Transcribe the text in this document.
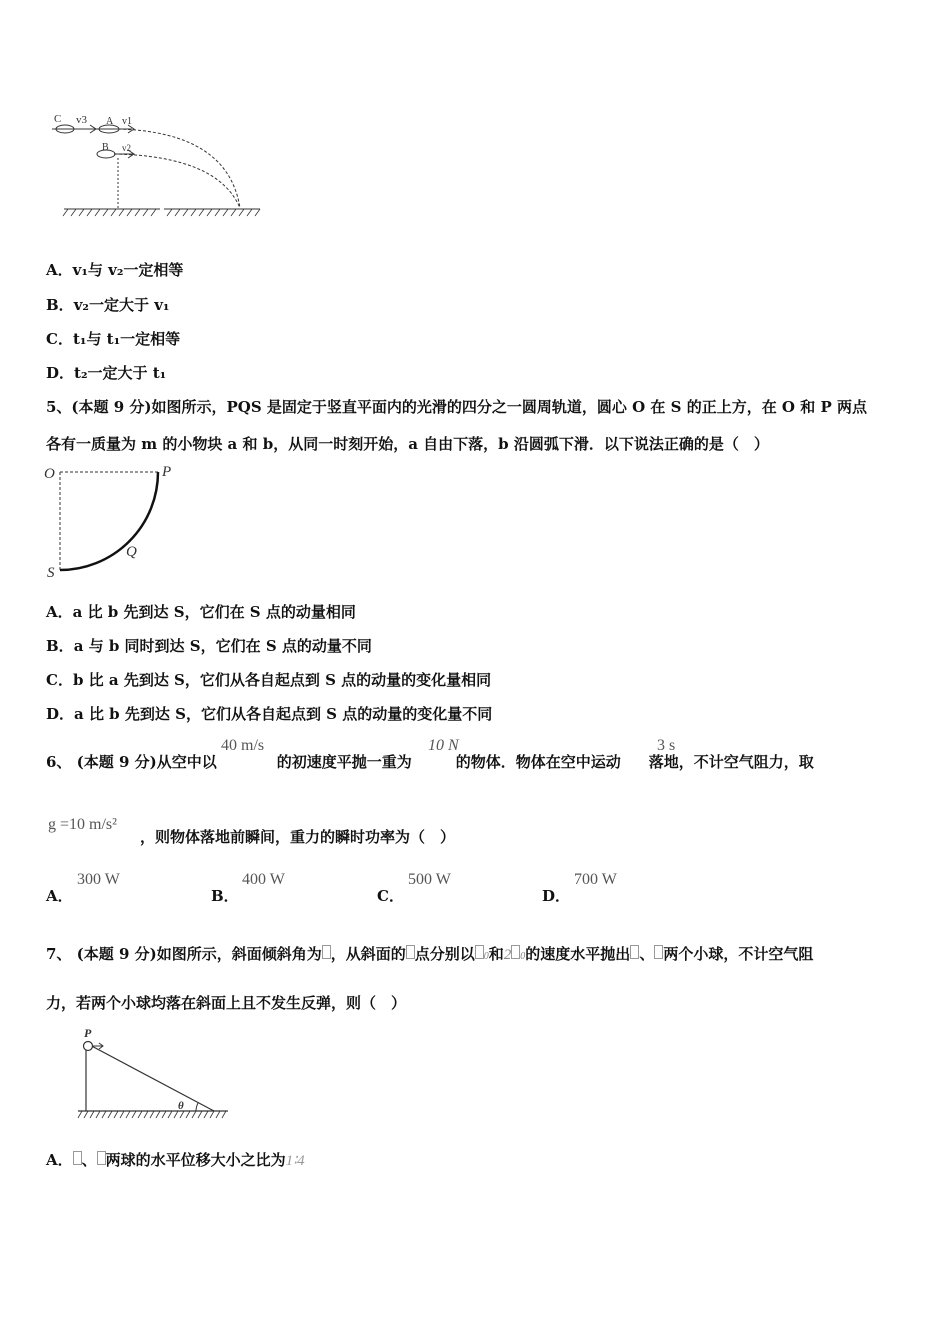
C v3 A v1
B v2
A．v₁与 v₂一定相等
B．v₂一定大于 v₁
C．t₁与 t₁一定相等
D．t₂一定大于 t₁
5、(本题 9 分)如图所示，PQS 是固定于竖直平面内的光滑的四分之一圆周轨道，圆心 O 在 S 的正上方，在 O 和 P 两点
各有一质量为 m 的小物块 a 和 b，从同一时刻开始，a 自由下落，b 沿圆弧下滑．以下说法正确的是（　）
O	P
Q
S
A．a 比 b 先到达 S，它们在 S 点的动量相同
B．a 与 b 同时到达 S，它们在 S 点的动量不同
C．b 比 a 先到达 S，它们从各自起点到 S 点的动量的变化量相同
D．a 比 b 先到达 S，它们从各自起点到 S 点的动量的变化量不同
6、 (本题 9 分)从空中以	的初速度平抛一重为	的物体．物体在空中运动 落地，不计空气阻力，取
40 m/s	10 N	3 s
g =10 m/s²
，则物体落地前瞬间，重力的瞬时功率为（　）
A．
300 W
B．
400 W
C．
500 W
D．
700 W
7、 (本题 9 分)如图所示，斜面倾斜角为 ，从斜面的 点分别以 0和2 0的速度水平抛出 、 两个小球，不计空气阻
力，若两个小球均落在斜面上且不发生反弹，则（　）
P
θ
A． 、 两球的水平位移大小之比为1∶4
